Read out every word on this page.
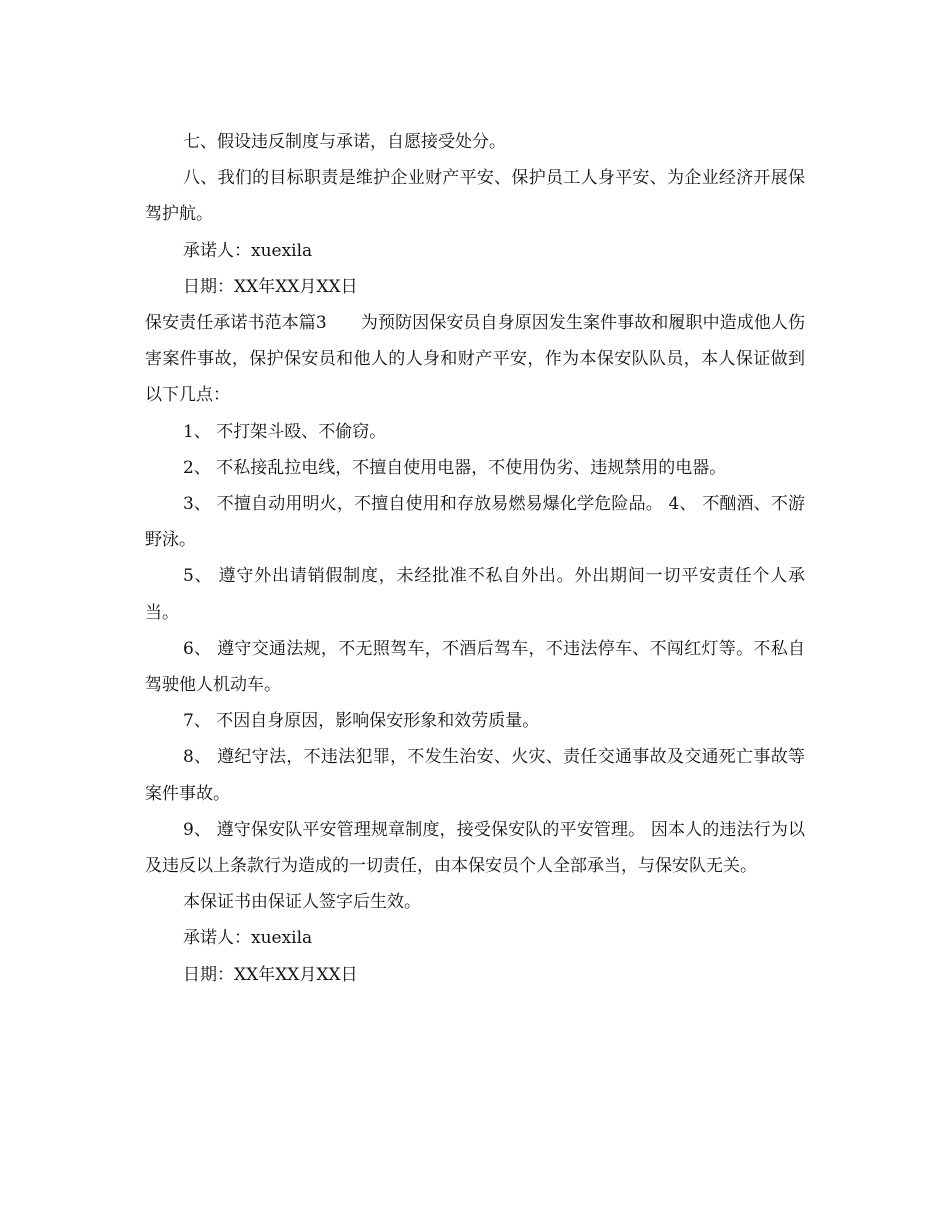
七、假设违反制度与承诺，自愿接受处分。

八、我们的目标职责是维护企业财产平安、保护员工人身平安、为企业经济开展保驾护航。

承诺人：xuexila

日期：XX年XX月XX日

保安责任承诺书范本篇3　　为预防因保安员自身原因发生案件事故和履职中造成他人伤害案件事故，保护保安员和他人的人身和财产平安，作为本保安队队员，本人保证做到以下几点：

1、 不打架斗殴、不偷窃。

2、 不私接乱拉电线，不擅自使用电器，不使用伪劣、违规禁用的电器。

3、 不擅自动用明火，不擅自使用和存放易燃易爆化学危险品。 4、 不酗酒、不游野泳。

5、 遵守外出请销假制度，未经批准不私自外出。外出期间一切平安责任个人承当。

6、 遵守交通法规，不无照驾车，不酒后驾车，不违法停车、不闯红灯等。不私自驾驶他人机动车。

7、 不因自身原因，影响保安形象和效劳质量。

8、 遵纪守法，不违法犯罪，不发生治安、火灾、责任交通事故及交通死亡事故等案件事故。

9、 遵守保安队平安管理规章制度，接受保安队的平安管理。 因本人的违法行为以及违反以上条款行为造成的一切责任，由本保安员个人全部承当，与保安队无关。

本保证书由保证人签字后生效。

承诺人：xuexila

日期：XX年XX月XX日
